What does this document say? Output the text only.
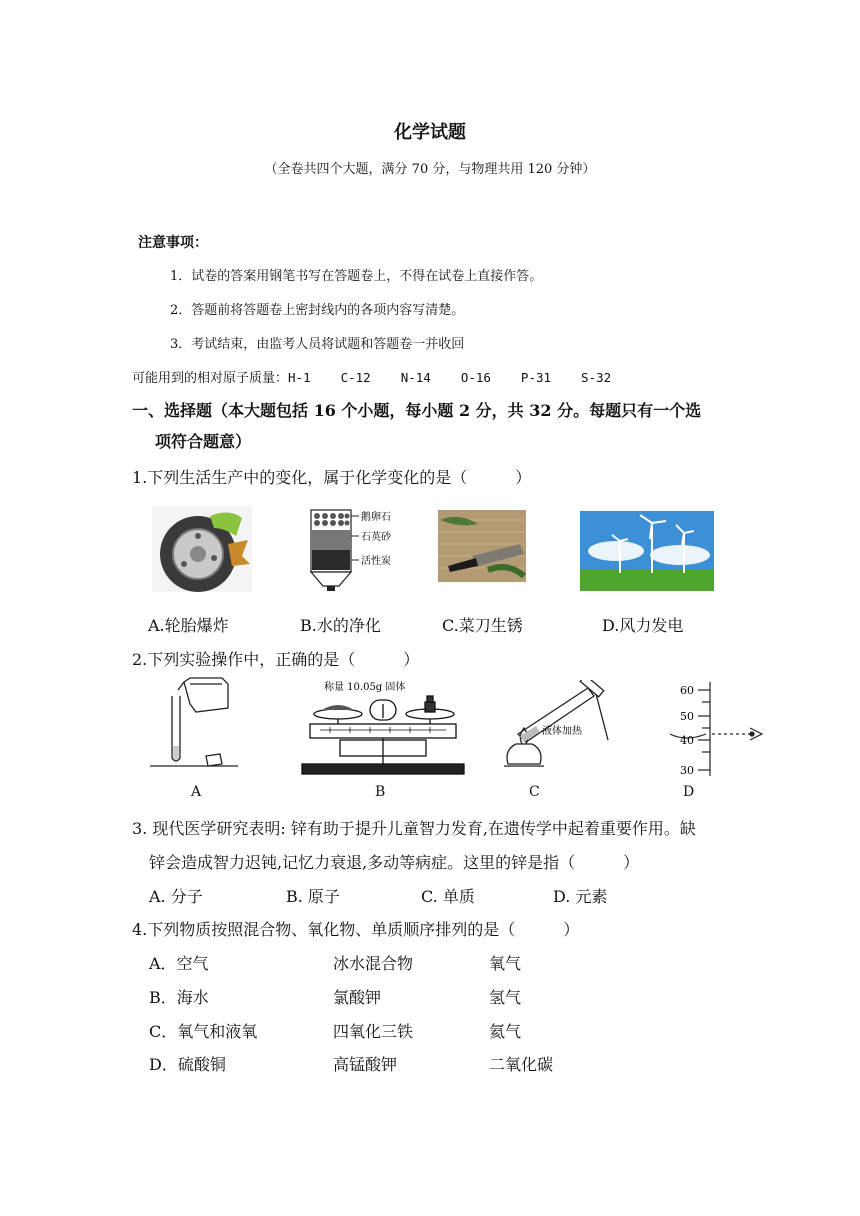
化学试题
（全卷共四个大题，满分 70 分，与物理共用 120 分钟）
注意事项：
1．试卷的答案用钢笔书写在答题卷上，不得在试卷上直接作答。
2．答题前将答题卷上密封线内的各项内容写清楚。
3．考试结束，由监考人员将试题和答题卷一并收回
可能用到的相对原子质量：H-1 C-12 N-14 O-16 P-31 S-32
一、选择题（本大题包括 16 个小题，每小题 2 分，共 32 分。每题只有一个选
项符合题意）
1.下列生活生产中的变化，属于化学变化的是（　　　）
鹅卵石
石英砂
活性炭
A.轮胎爆炸	B.水的净化	C.菜刀生锈	D.风力发电
2.下列实验操作中，正确的是（　　　）
称量 10.05g 固体
液体加热
60
50
40
30
A	B	C	D
3. 现代医学研究表明: 锌有助于提升儿童智力发育,在遗传学中起着重要作用。缺
锌会造成智力迟钝,记忆力衰退,多动等病症。这里的锌是指（　　　）
A. 分子	B. 原子	C. 单质	D. 元素
4.下列物质按照混合物、氧化物、单质顺序排列的是（　　　）
A．空气	冰水混合物	氧气
B．海水	氯酸钾	氢气
C．氧气和液氧	四氧化三铁	氦气
D．硫酸铜	高锰酸钾	二氧化碳
